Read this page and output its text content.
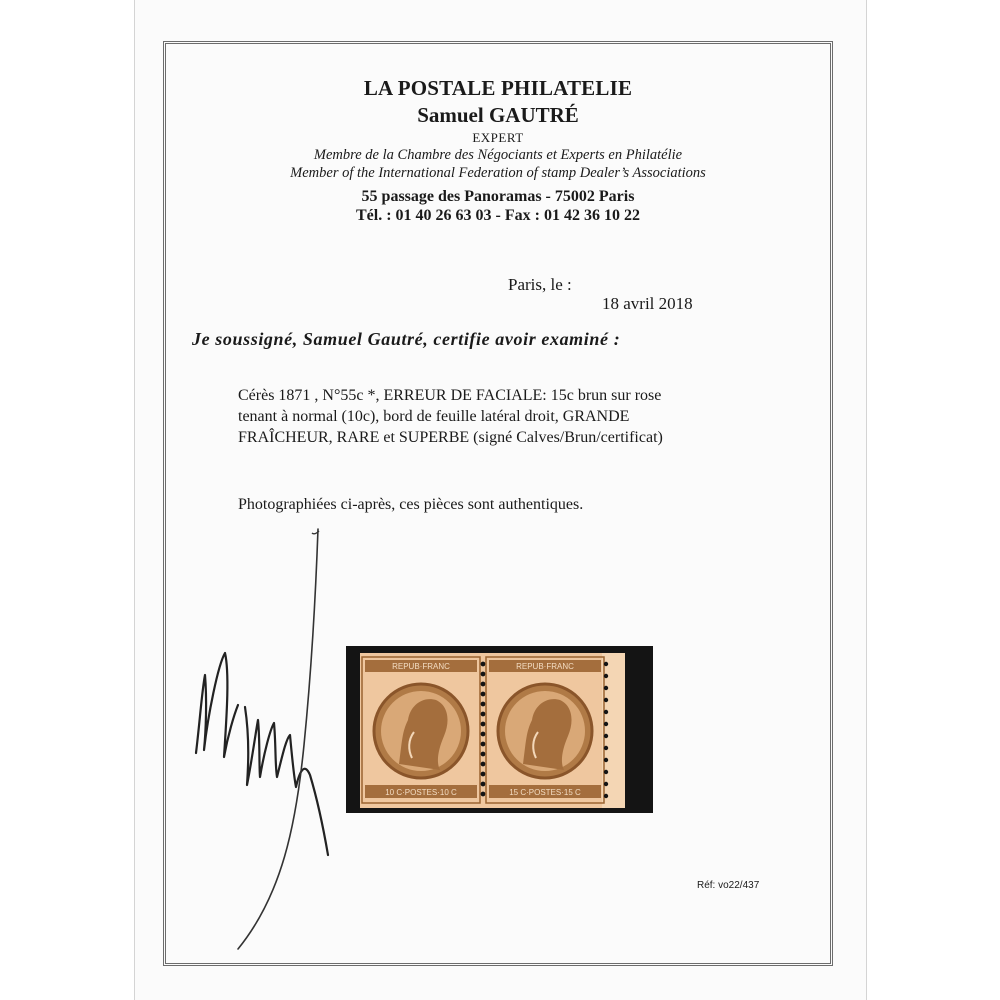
LA POSTALE PHILATELIE
Samuel GAUTRÉ
EXPERT
Membre de la Chambre des Négociants et Experts en Philatélie
Member of the International Federation of stamp Dealer’s Associations
55 passage des Panoramas - 75002 Paris
Tél. : 01 40 26 63 03 - Fax : 01 42 36 10 22
Paris, le :
18 avril 2018
Je soussigné, Samuel Gautré, certifie avoir examiné :
Cérès 1871 , N°55c *, ERREUR DE FACIALE: 15c brun sur rose
tenant à normal (10c), bord de feuille latéral droit, GRANDE
FRAÎCHEUR, RARE et SUPERBE (signé Calves/Brun/certificat)
Photographiées ci-après, ces pièces sont authentiques.
REPUB·FRANC
10 C·POSTES·10 C
REPUB·FRANC
15 C·POSTES·15 C
Réf: vo22/437
